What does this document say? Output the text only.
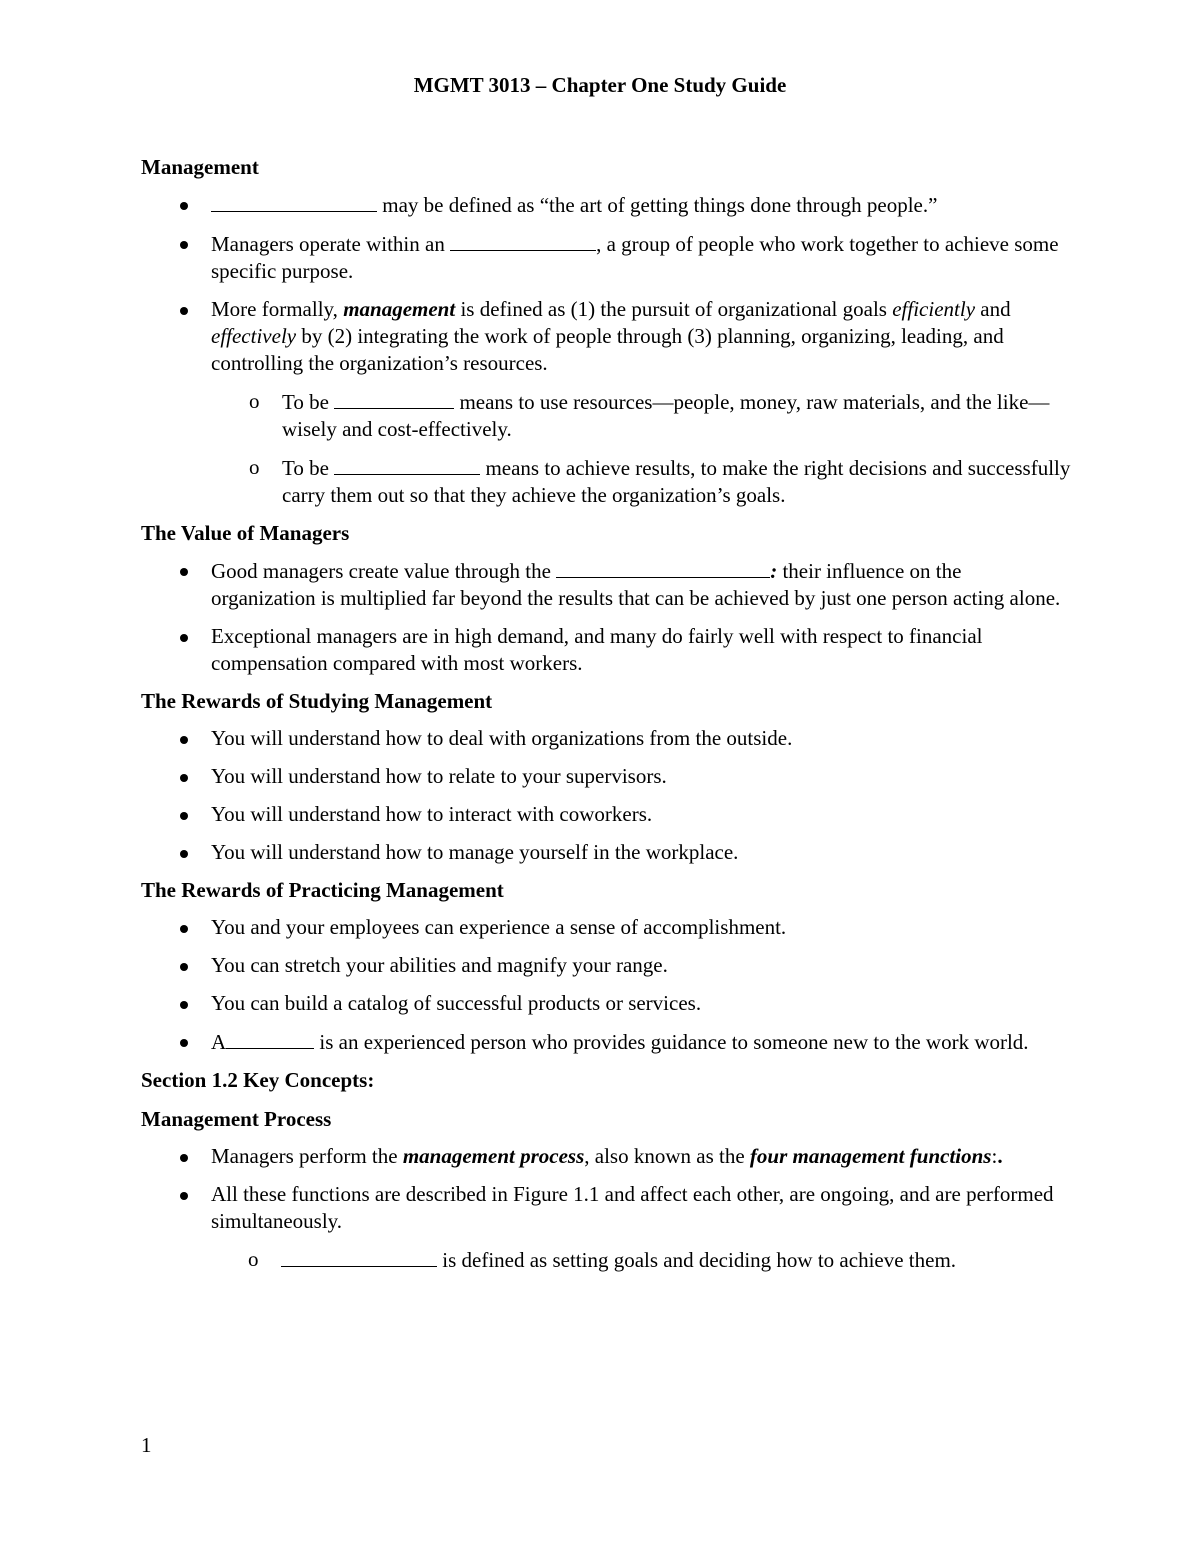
MGMT 3013 – Chapter One Study Guide
Management
may be defined as “the art of getting things done through people.”
Managers operate within an	, a group of people who work together to achieve some specific purpose.
More formally, management is defined as (1) the pursuit of organizational goals efficiently and effectively by (2) integrating the work of people through (3) planning, organizing, leading, and controlling the organization’s resources.
o To be	means to use resources—people, money, raw materials, and the like—wisely and cost-effectively.
o To be	means to achieve results, to make the right decisions and successfully carry them out so that they achieve the organization’s goals.
The Value of Managers
Good managers create value through the	: their influence on the organization is multiplied far beyond the results that can be achieved by just one person acting alone.
Exceptional managers are in high demand, and many do fairly well with respect to financial compensation compared with most workers.
The Rewards of Studying Management
You will understand how to deal with organizations from the outside.
You will understand how to relate to your supervisors.
You will understand how to interact with coworkers.
You will understand how to manage yourself in the workplace.
The Rewards of Practicing Management
You and your employees can experience a sense of accomplishment.
You can stretch your abilities and magnify your range.
You can build a catalog of successful products or services.
A	is an experienced person who provides guidance to someone new to the work world.
Section 1.2 Key Concepts:
Management Process
Managers perform the management process, also known as the four management functions:.
All these functions are described in Figure 1.1 and affect each other, are ongoing, and are performed simultaneously.
o is defined as setting goals and deciding how to achieve them.
1
